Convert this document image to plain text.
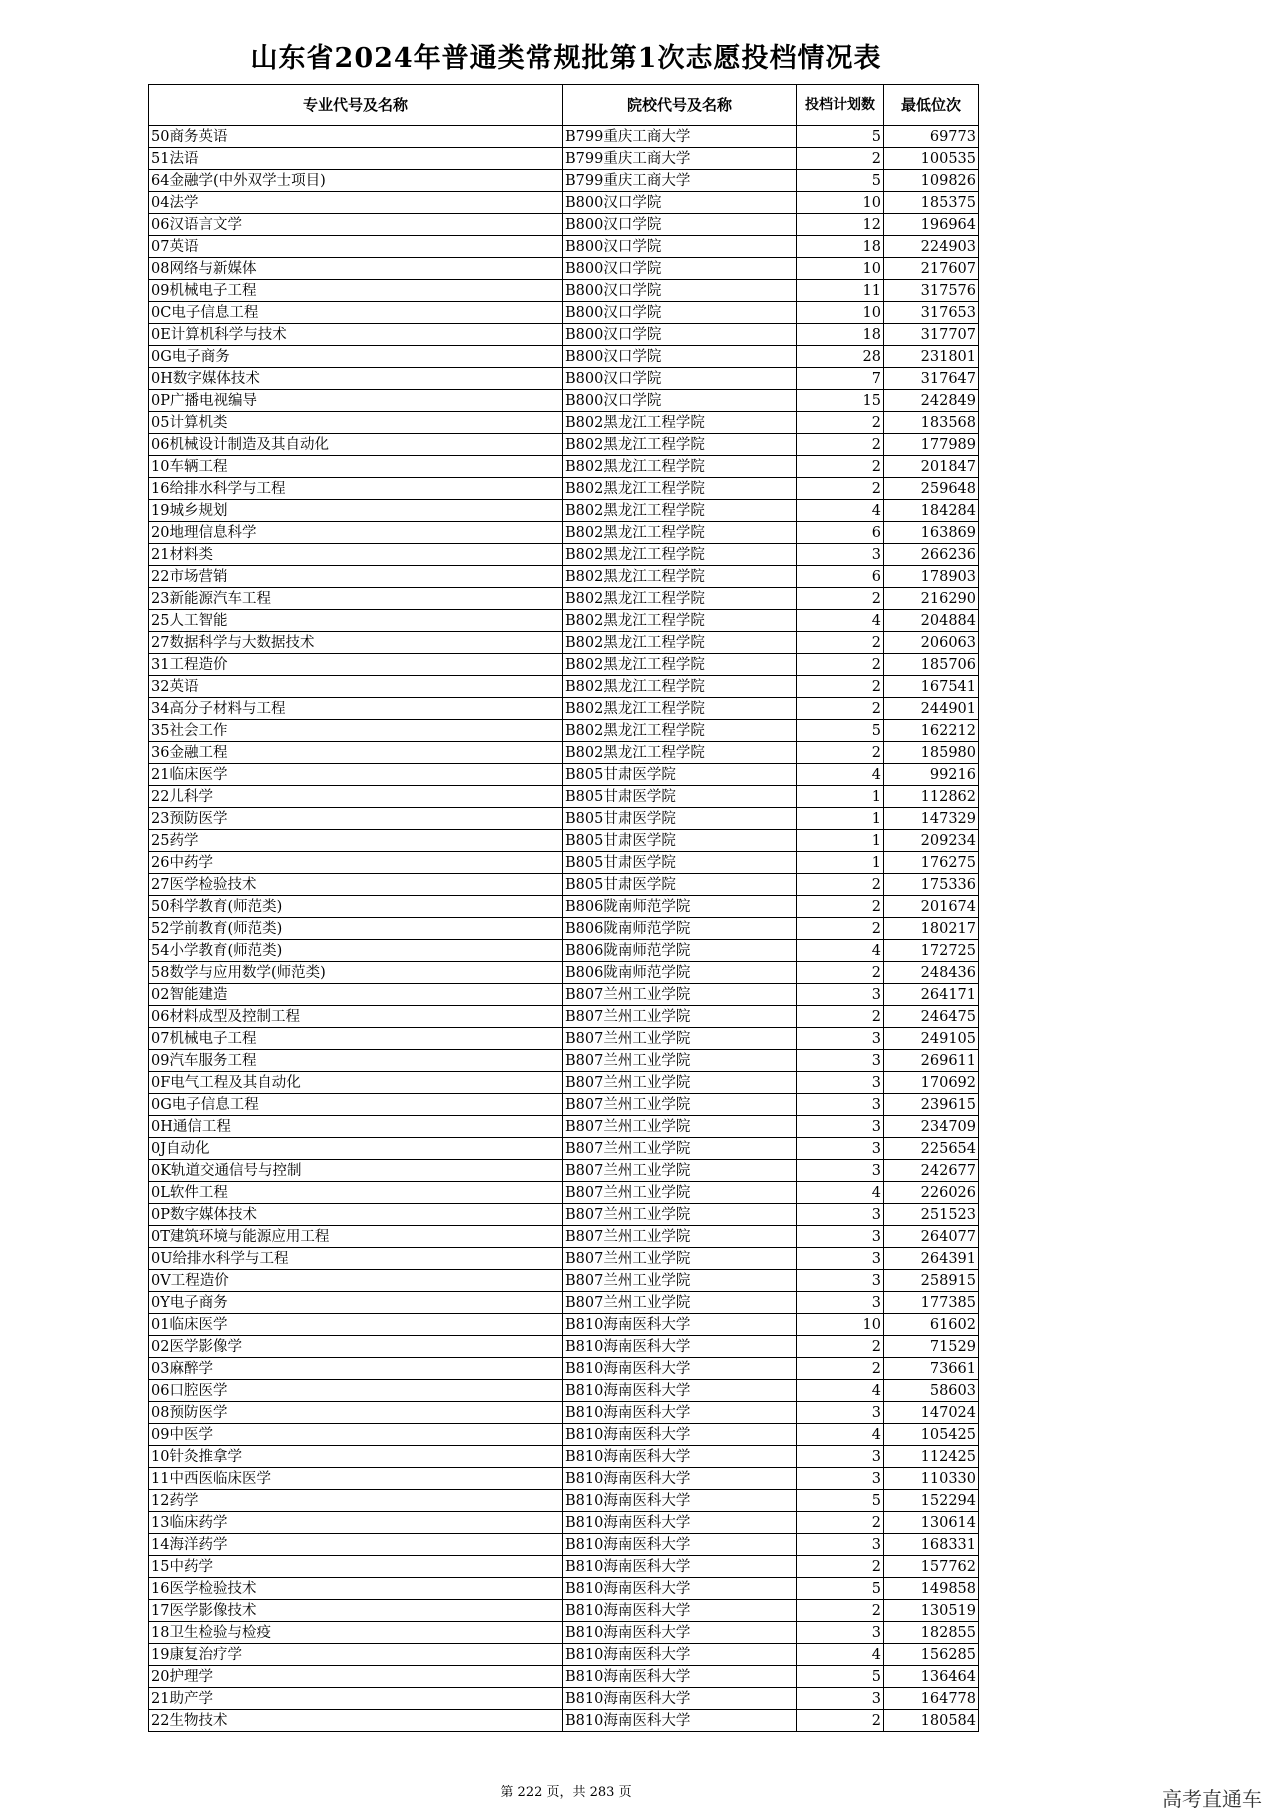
山东省2024年普通类常规批第1次志愿投档情况表
专业代号及名称	院校代号及名称	投档计划数	最低位次
50商务英语	B799重庆工商大学	5	69773
51法语	B799重庆工商大学	2	100535
64金融学(中外双学士项目)	B799重庆工商大学	5	109826
04法学	B800汉口学院	10	185375
06汉语言文学	B800汉口学院	12	196964
07英语	B800汉口学院	18	224903
08网络与新媒体	B800汉口学院	10	217607
09机械电子工程	B800汉口学院	11	317576
0C电子信息工程	B800汉口学院	10	317653
0E计算机科学与技术	B800汉口学院	18	317707
0G电子商务	B800汉口学院	28	231801
0H数字媒体技术	B800汉口学院	7	317647
0P广播电视编导	B800汉口学院	15	242849
05计算机类	B802黑龙江工程学院	2	183568
06机械设计制造及其自动化	B802黑龙江工程学院	2	177989
10车辆工程	B802黑龙江工程学院	2	201847
16给排水科学与工程	B802黑龙江工程学院	2	259648
19城乡规划	B802黑龙江工程学院	4	184284
20地理信息科学	B802黑龙江工程学院	6	163869
21材料类	B802黑龙江工程学院	3	266236
22市场营销	B802黑龙江工程学院	6	178903
23新能源汽车工程	B802黑龙江工程学院	2	216290
25人工智能	B802黑龙江工程学院	4	204884
27数据科学与大数据技术	B802黑龙江工程学院	2	206063
31工程造价	B802黑龙江工程学院	2	185706
32英语	B802黑龙江工程学院	2	167541
34高分子材料与工程	B802黑龙江工程学院	2	244901
35社会工作	B802黑龙江工程学院	5	162212
36金融工程	B802黑龙江工程学院	2	185980
21临床医学	B805甘肃医学院	4	99216
22儿科学	B805甘肃医学院	1	112862
23预防医学	B805甘肃医学院	1	147329
25药学	B805甘肃医学院	1	209234
26中药学	B805甘肃医学院	1	176275
27医学检验技术	B805甘肃医学院	2	175336
50科学教育(师范类)	B806陇南师范学院	2	201674
52学前教育(师范类)	B806陇南师范学院	2	180217
54小学教育(师范类)	B806陇南师范学院	4	172725
58数学与应用数学(师范类)	B806陇南师范学院	2	248436
02智能建造	B807兰州工业学院	3	264171
06材料成型及控制工程	B807兰州工业学院	2	246475
07机械电子工程	B807兰州工业学院	3	249105
09汽车服务工程	B807兰州工业学院	3	269611
0F电气工程及其自动化	B807兰州工业学院	3	170692
0G电子信息工程	B807兰州工业学院	3	239615
0H通信工程	B807兰州工业学院	3	234709
0J自动化	B807兰州工业学院	3	225654
0K轨道交通信号与控制	B807兰州工业学院	3	242677
0L软件工程	B807兰州工业学院	4	226026
0P数字媒体技术	B807兰州工业学院	3	251523
0T建筑环境与能源应用工程	B807兰州工业学院	3	264077
0U给排水科学与工程	B807兰州工业学院	3	264391
0V工程造价	B807兰州工业学院	3	258915
0Y电子商务	B807兰州工业学院	3	177385
01临床医学	B810海南医科大学	10	61602
02医学影像学	B810海南医科大学	2	71529
03麻醉学	B810海南医科大学	2	73661
06口腔医学	B810海南医科大学	4	58603
08预防医学	B810海南医科大学	3	147024
09中医学	B810海南医科大学	4	105425
10针灸推拿学	B810海南医科大学	3	112425
11中西医临床医学	B810海南医科大学	3	110330
12药学	B810海南医科大学	5	152294
13临床药学	B810海南医科大学	2	130614
14海洋药学	B810海南医科大学	3	168331
15中药学	B810海南医科大学	2	157762
16医学检验技术	B810海南医科大学	5	149858
17医学影像技术	B810海南医科大学	2	130519
18卫生检验与检疫	B810海南医科大学	3	182855
19康复治疗学	B810海南医科大学	4	156285
20护理学	B810海南医科大学	5	136464
21助产学	B810海南医科大学	3	164778
22生物技术	B810海南医科大学	2	180584
第 222 页，共 283 页	高考直通车
